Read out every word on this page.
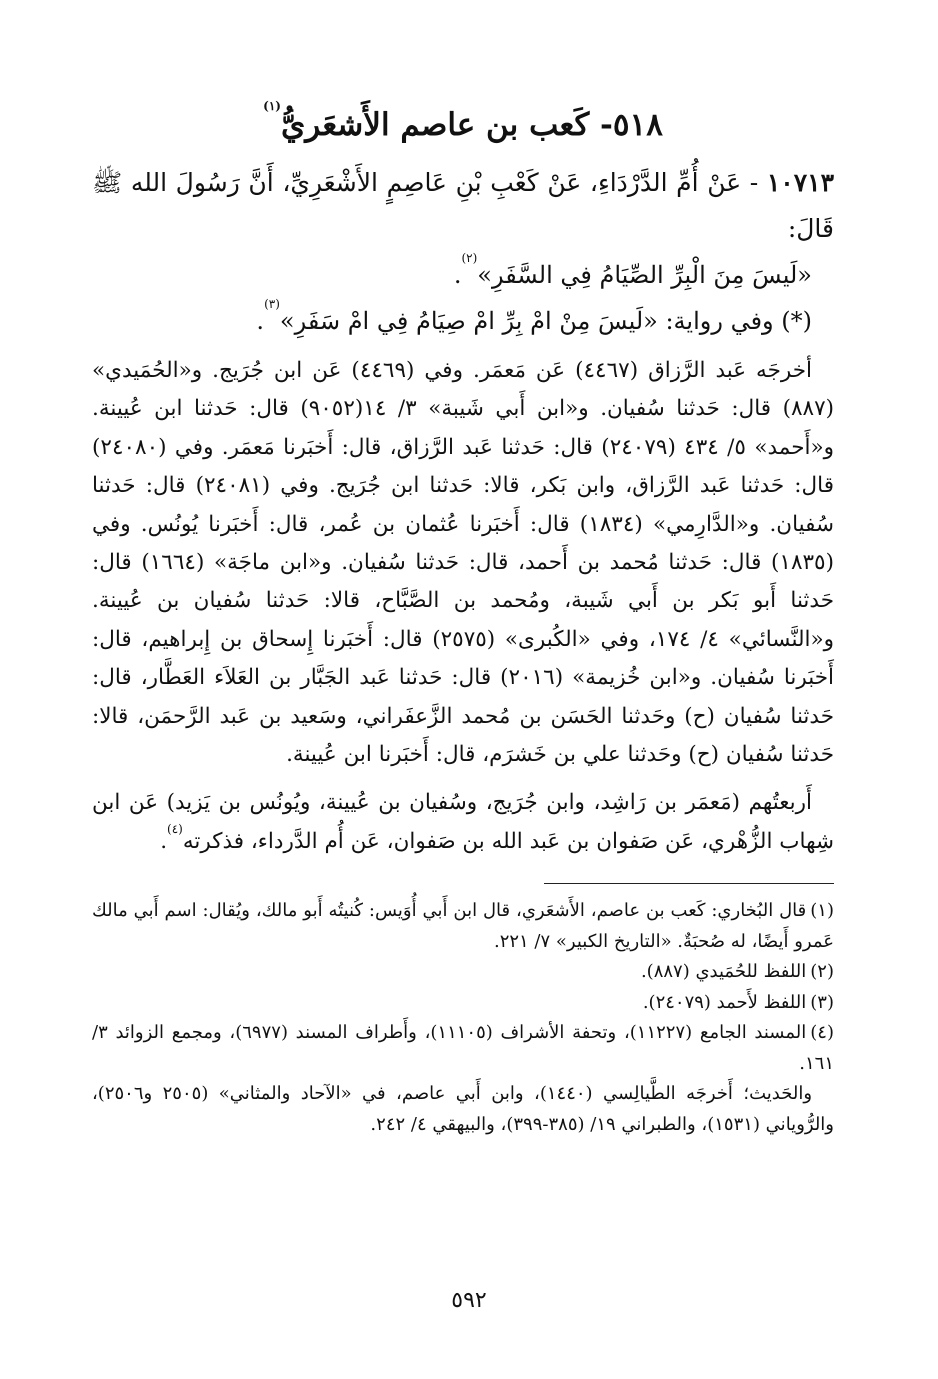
٥١٨- كَعب بن عاصم الأَشعَريُّ$^{(١)}$

١٠٧١٣ - عَنْ أُمِّ الدَّرْدَاءِ، عَنْ كَعْبِ بْنِ عَاصِمٍ الأَشْعَرِيِّ، أَنَّ رَسُولَ الله ﷺ قَالَ:

«لَيسَ مِنَ الْبِرِّ الصِّيَامُ فِي السَّفَرِ»$^{(٢)}$.

(*) وفي رواية: «لَيسَ مِنْ امْ بِرِّ امْ صِيَامُ فِي امْ سَفَرِ»$^{(٣)}$.

أخرجَه عَبد الرَّزاق (٤٤٦٧) عَن مَعمَر. وفي (٤٤٦٩) عَن ابن جُرَيج. و«الحُمَيدي» (٨٨٧) قال: حَدثنا سُفيان. و«ابن أَبي شَيبة» ٣/ ١٤(٩٠٥٢) قال: حَدثنا ابن عُيينة. و«أَحمد» ٥/ ٤٣٤ (٢٤٠٧٩) قال: حَدثنا عَبد الرَّزاق، قال: أَخبَرنا مَعمَر. وفي (٢٤٠٨٠) قال: حَدثنا عَبد الرَّزاق، وابن بَكر، قالا: حَدثنا ابن جُرَيج. وفي (٢٤٠٨١) قال: حَدثنا سُفيان. و«الدَّارِمي» (١٨٣٤) قال: أَخبَرنا عُثمان بن عُمر، قال: أَخبَرنا يُونُس. وفي (١٨٣٥) قال: حَدثنا مُحمد بن أَحمد، قال: حَدثنا سُفيان. و«ابن ماجَة» (١٦٦٤) قال: حَدثنا أَبو بَكر بن أَبي شَيبة، ومُحمد بن الصَّبَّاح، قالا: حَدثنا سُفيان بن عُيينة. و«النَّسائي» ٤/ ١٧٤، وفي «الكُبرى» (٢٥٧٥) قال: أَخبَرنا إِسحاق بن إِبراهيم، قال: أَخبَرنا سُفيان. و«ابن خُزيمة» (٢٠١٦) قال: حَدثنا عَبد الجَبَّار بن العَلاَء العَطَّار، قال: حَدثنا سُفيان (ح) وحَدثنا الحَسَن بن مُحمد الزَّعفَراني، وسَعيد بن عَبد الرَّحمَن، قالا: حَدثنا سُفيان (ح) وحَدثنا علي بن خَشرَم، قال: أَخبَرنا ابن عُيينة.

أَربعتُهم (مَعمَر بن رَاشِد، وابن جُرَيج، وسُفيان بن عُيينة، ويُونُس بن يَزيد) عَن ابن شِهاب الزُّهْري، عَن صَفوان بن عَبد الله بن صَفوان، عَن أُم الدَّرداء، فذكرته$^{(٤)}$.

(١)قال البُخاري: كَعب بن عاصم، الأَشعَري، قال ابن أَبي أُوَيس: كُنيتُه أَبو مالك، ويُقال: اسم أَبي مالك عَمرو أَيضًا، له صُحبَةٌ. «التاريخ الكبير» ٧/ ٢٢١.

(٢)اللفظ للحُمَيدي (٨٨٧).

(٣)اللفظ لأَحمد (٢٤٠٧٩).

(٤)المسند الجامع (١١٢٢٧)، وتحفة الأشراف (١١١٠٥)، وأَطراف المسند (٦٩٧٧)، ومجمع الزوائد ٣/ ١٦١.

والحَديث؛ أَخرجَه الطَّيالِسي (١٤٤٠)، وابن أَبي عاصم، في «الآحاد والمثاني» (٢٥٠٥ و٢٥٠٦)، والرُّوياني (١٥٣١)، والطبراني ١٩/ (٣٨٥-٣٩٩)، والبيهقي ٤/ ٢٤٢.

٥٩٢
